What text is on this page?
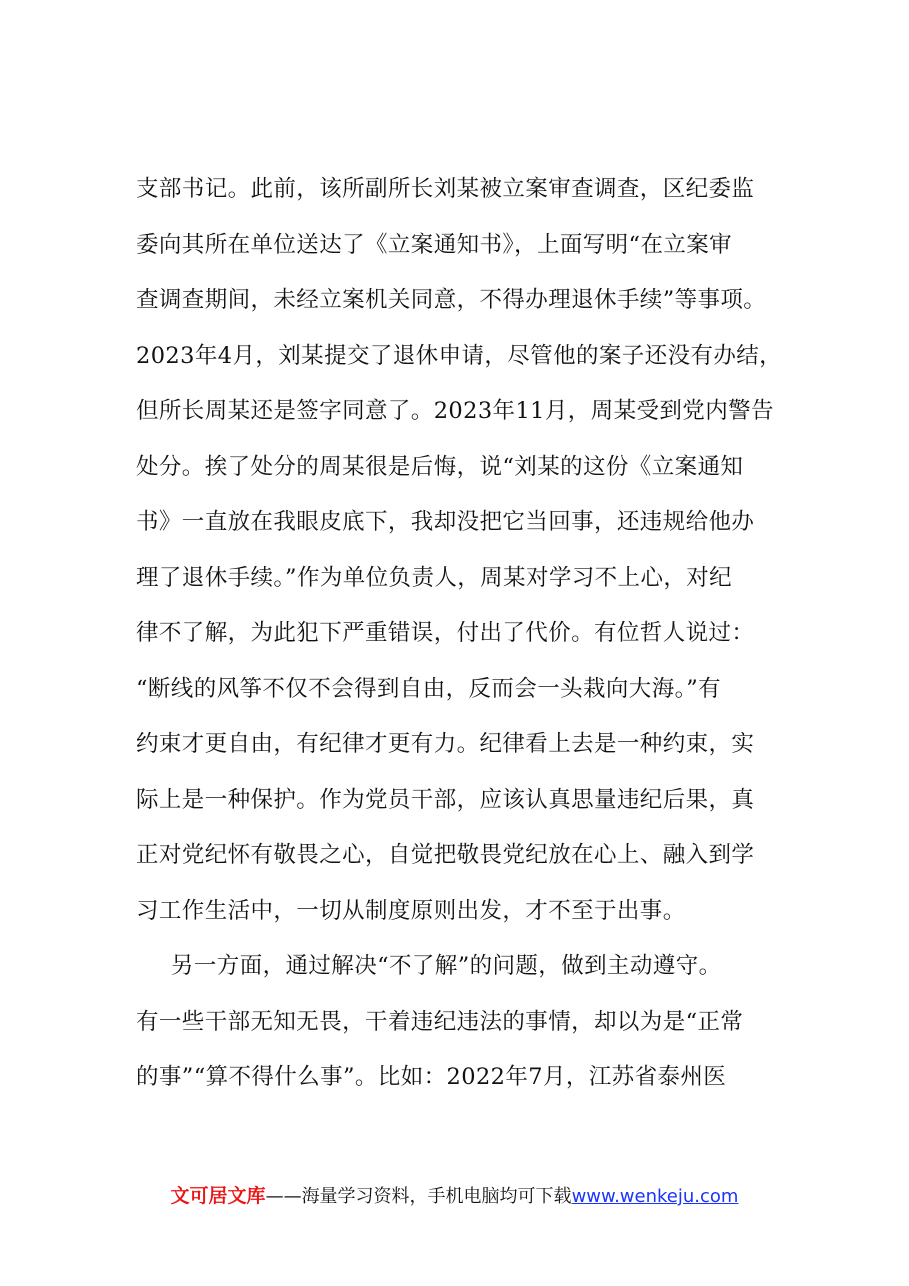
支部书记。此前，该所副所长刘某被立案审查调查，区纪委监
委向其所在单位送达了《立案通知书》，上面写明“在立案审
查调查期间，未经立案机关同意，不得办理退休手续”等事项。
2023年4月，刘某提交了退休申请，尽管他的案子还没有办结，
但所长周某还是签字同意了。2023年11月，周某受到党内警告
处分。挨了处分的周某很是后悔，说“刘某的这份《立案通知
书》一直放在我眼皮底下，我却没把它当回事，还违规给他办
理了退休手续。”作为单位负责人，周某对学习不上心，对纪
律不了解，为此犯下严重错误，付出了代价。有位哲人说过：
“断线的风筝不仅不会得到自由，反而会一头栽向大海。”有
约束才更自由，有纪律才更有力。纪律看上去是一种约束，实
际上是一种保护。作为党员干部，应该认真思量违纪后果，真
正对党纪怀有敬畏之心，自觉把敬畏党纪放在心上、融入到学
习工作生活中，一切从制度原则出发，才不至于出事。
另一方面，通过解决“不了解”的问题，做到主动遵守。
有一些干部无知无畏，干着违纪违法的事情，却以为是“正常
的事”“算不得什么事”。比如：2022年7月，江苏省泰州医
文可居文库——海量学习资料，手机电脑均可下载www.wenkeju.com
